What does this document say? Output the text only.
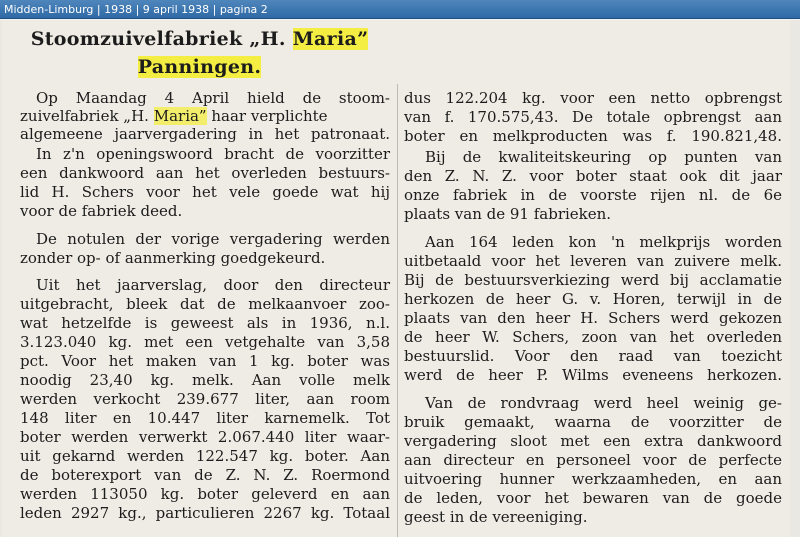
Midden-Limburg | 1938 | 9 april 1938 | pagina 2
Stoomzuivelfabriek „H. Maria”
Panningen.
Op Maandag 4 April hield de stoom-
zuivelfabriek „H. Maria” haar verplichte
algemeene jaarvergadering in het patronaat.
In z'n openingswoord bracht de voorzitter
een dankwoord aan het overleden bestuurs-
lid H. Schers voor het vele goede wat hij
voor de fabriek deed.
De notulen der vorige vergadering werden
zonder op- of aanmerking goedgekeurd.
Uit het jaarverslag, door den directeur
uitgebracht, bleek dat de melkaanvoer zoo-
wat hetzelfde is geweest als in 1936, n.l.
3.123.040 kg. met een vetgehalte van 3,58
pct. Voor het maken van 1 kg. boter was
noodig 23,40 kg. melk. Aan volle melk
werden verkocht 239.677 liter, aan room
148 liter en 10.447 liter karnemelk. Tot
boter werden verwerkt 2.067.440 liter waar-
uit gekarnd werden 122.547 kg. boter. Aan
de boterexport van de Z. N. Z. Roermond
werden 113050 kg. boter geleverd en aan
leden 2927 kg., particulieren 2267 kg. Totaal
dus 122.204 kg. voor een netto opbrengst
van f. 170.575,43. De totale opbrengst aan
boter en melkproducten was f. 190.821,48.
Bij de kwaliteitskeuring op punten van
den Z. N. Z. voor boter staat ook dit jaar
onze fabriek in de voorste rijen nl. de 6e
plaats van de 91 fabrieken.
Aan 164 leden kon 'n melkprijs worden
uitbetaald voor het leveren van zuivere melk.
Bij de bestuursverkiezing werd bij acclamatie
herkozen de heer G. v. Horen, terwijl in de
plaats van den heer H. Schers werd gekozen
de heer W. Schers, zoon van het overleden
bestuurslid. Voor den raad van toezicht
werd de heer P. Wilms eveneens herkozen.
Van de rondvraag werd heel weinig ge-
bruik gemaakt, waarna de voorzitter de
vergadering sloot met een extra dankwoord
aan directeur en personeel voor de perfecte
uitvoering hunner werkzaamheden, en aan
de leden, voor het bewaren van de goede
geest in de vereeniging.
